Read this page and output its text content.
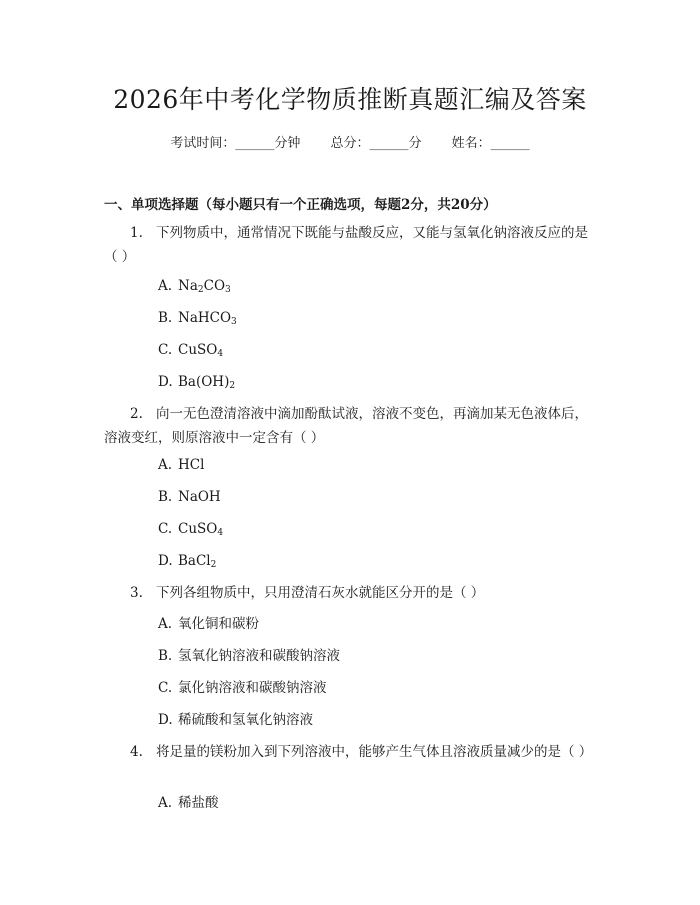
2026年中考化学物质推断真题汇编及答案
考试时间：______分钟 总分：______分 姓名：______
一、单项选择题（每小题只有一个正确选项，每题2分，共20分）
1. 下列物质中，通常情况下既能与盐酸反应，又能与氢氧化钠溶液反应的是（ ）
A. $Na_2CO_3$
B. NaHCO$_3$
C. CuSO$_4$
D. $Ba(OH)_2$
2. 向一无色澄清溶液中滴加酚酞试液，溶液不变色，再滴加某无色液体后，溶液变红，则原溶液中一定含有（ ）
A. HCl
B. NaOH
C. CuSO$_4$
D. BaCl$_2$
3. 下列各组物质中，只用澄清石灰水就能区分开的是（ ）
A. 氧化铜和碳粉
B. 氢氧化钠溶液和碳酸钠溶液
C. 氯化钠溶液和碳酸钠溶液
D. 稀硫酸和氢氧化钠溶液
4. 将足量的镁粉加入到下列溶液中，能够产生气体且溶液质量减少的是（ ）
A. 稀盐酸
